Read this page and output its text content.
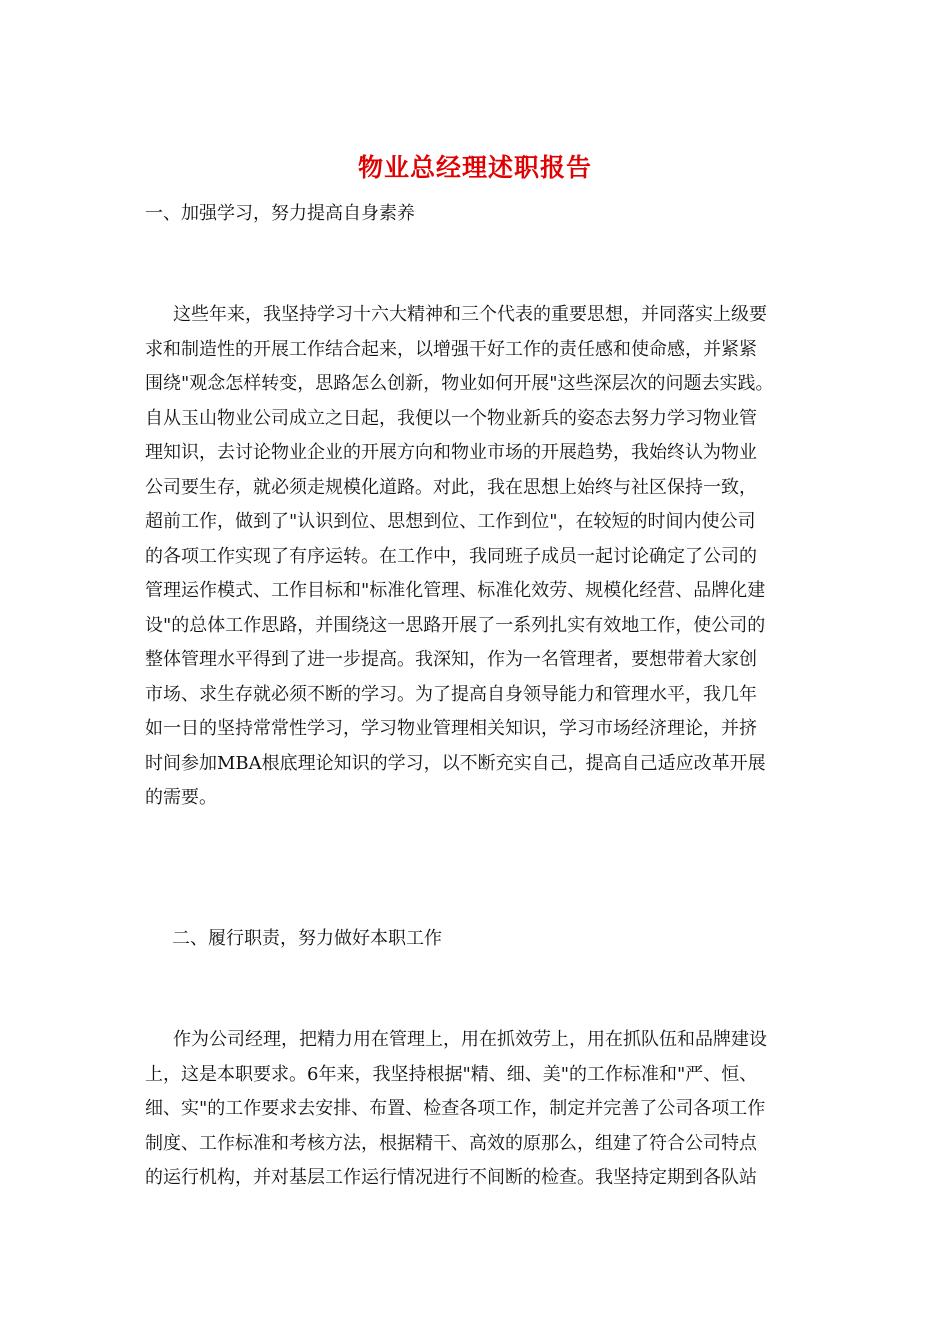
物业总经理述职报告
一、加强学习，努力提高自身素养
这些年来，我坚持学习十六大精神和三个代表的重要思想，并同落实上级要
求和制造性的开展工作结合起来，以增强干好工作的责任感和使命感，并紧紧
围绕"观念怎样转变，思路怎么创新，物业如何开展"这些深层次的问题去实践。
自从玉山物业公司成立之日起，我便以一个物业新兵的姿态去努力学习物业管
理知识，去讨论物业企业的开展方向和物业市场的开展趋势，我始终认为物业
公司要生存，就必须走规模化道路。对此，我在思想上始终与社区保持一致，
超前工作，做到了"认识到位、思想到位、工作到位"，在较短的时间内使公司
的各项工作实现了有序运转。在工作中，我同班子成员一起讨论确定了公司的
管理运作模式、工作目标和"标准化管理、标准化效劳、规模化经营、品牌化建
设"的总体工作思路，并围绕这一思路开展了一系列扎实有效地工作，使公司的
整体管理水平得到了进一步提高。我深知，作为一名管理者，要想带着大家创
市场、求生存就必须不断的学习。为了提高自身领导能力和管理水平，我几年
如一日的坚持常常性学习，学习物业管理相关知识，学习市场经济理论，并挤
时间参加MBA根底理论知识的学习，以不断充实自己，提高自己适应改革开展
的需要。
二、履行职责，努力做好本职工作
作为公司经理，把精力用在管理上，用在抓效劳上，用在抓队伍和品牌建设
上，这是本职要求。6年来，我坚持根据"精、细、美"的工作标准和"严、恒、
细、实"的工作要求去安排、布置、检查各项工作，制定并完善了公司各项工作
制度、工作标准和考核方法，根据精干、高效的原那么，组建了符合公司特点
的运行机构，并对基层工作运行情况进行不间断的检查。我坚持定期到各队站
